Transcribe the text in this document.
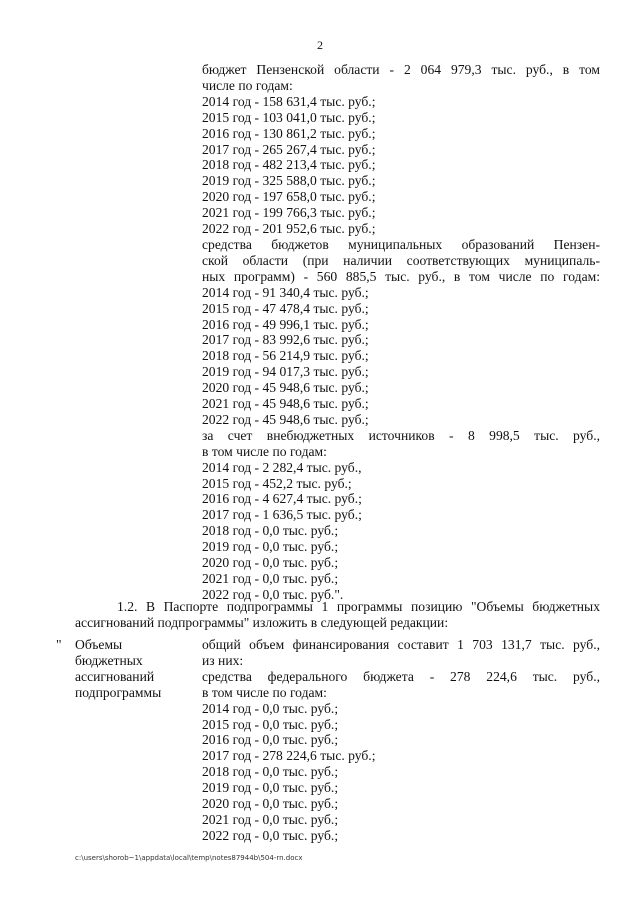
2
бюджет Пензенской области - 2 064 979,3 тыс. руб., в том
числе по годам:
2014 год - 158 631,4 тыс. руб.;
2015 год - 103 041,0 тыс. руб.;
2016 год - 130 861,2 тыс. руб.;
2017 год - 265 267,4 тыс. руб.;
2018 год - 482 213,4 тыс. руб.;
2019 год - 325 588,0 тыс. руб.;
2020 год - 197 658,0 тыс. руб.;
2021 год - 199 766,3 тыс. руб.;
2022 год - 201 952,6 тыс. руб.;
средства бюджетов муниципальных образований Пензен-
ской области (при наличии соответствующих муниципаль-
ных программ) - 560 885,5 тыс. руб., в том числе по годам:
2014 год - 91 340,4 тыс. руб.;
2015 год - 47 478,4 тыс. руб.;
2016 год - 49 996,1 тыс. руб.;
2017 год - 83 992,6 тыс. руб.;
2018 год - 56 214,9 тыс. руб.;
2019 год - 94 017,3 тыс. руб.;
2020 год - 45 948,6 тыс. руб.;
2021 год - 45 948,6 тыс. руб.;
2022 год - 45 948,6 тыс. руб.;
за счет внебюджетных источников - 8 998,5 тыс. руб.,
в том числе по годам:
2014 год - 2 282,4 тыс. руб.,
2015 год - 452,2 тыс. руб.;
2016 год - 4 627,4 тыс. руб.;
2017 год - 1 636,5 тыс. руб.;
2018 год - 0,0 тыс. руб.;
2019 год - 0,0 тыс. руб.;
2020 год - 0,0 тыс. руб.;
2021 год - 0,0 тыс. руб.;
2022 год - 0,0 тыс. руб.".
1.2. В Паспорте подпрограммы 1 программы позицию "Объемы бюджетных
ассигнований подпрограммы" изложить в следующей редакции:
" Объемы
бюджетных
ассигнований
подпрограммы
общий объем финансирования составит 1 703 131,7 тыс. руб.,
из них:
средства федерального бюджета - 278 224,6 тыс. руб.,
в том числе по годам:
2014 год - 0,0 тыс. руб.;
2015 год - 0,0 тыс. руб.;
2016 год - 0,0 тыс. руб.;
2017 год - 278 224,6 тыс. руб.;
2018 год - 0,0 тыс. руб.;
2019 год - 0,0 тыс. руб.;
2020 год - 0,0 тыс. руб.;
2021 год - 0,0 тыс. руб.;
2022 год - 0,0 тыс. руб.;
c:\users\shorob~1\appdata\local\temp\notes87944b\504-rn.docx
